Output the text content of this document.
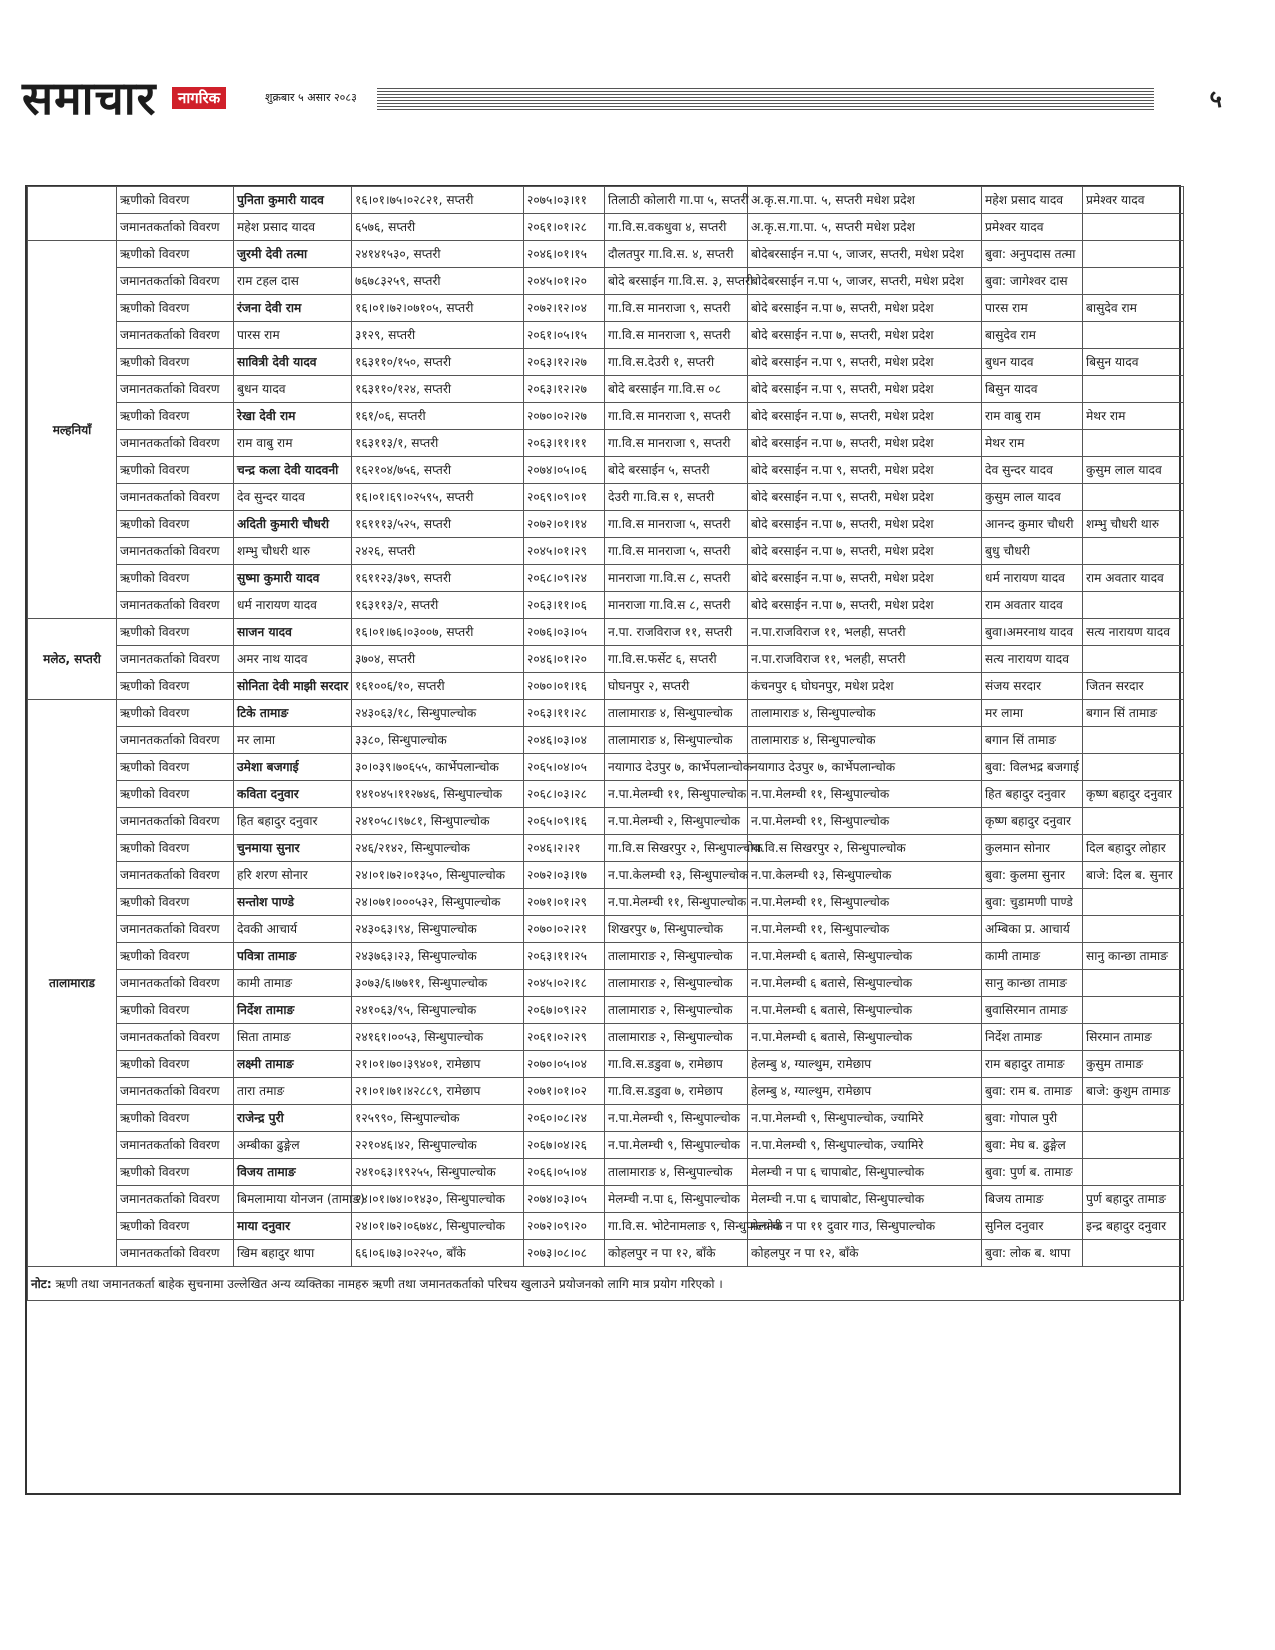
समाचार	नागरिक	शुक्रबार ५ असार २०८३	५
	ऋणीको विवरण	पुनिता कुमारी यादव	१६।०१।७५।०२८२१, सप्तरी	२०७५।०३।११	तिलाठी कोलारी गा.पा ५, सप्तरी	अ.कृ.स.गा.पा. ५, सप्तरी मधेश प्रदेश	महेश प्रसाद यादव	प्रमेश्वर यादव
	जमानतकर्ताको विवरण	महेश प्रसाद यादव	६५७६, सप्तरी	२०६१।०१।२८	गा.वि.स.वकधुवा ४, सप्तरी	अ.कृ.स.गा.पा. ५, सप्तरी मधेश प्रदेश	प्रमेश्वर यादव	
मल्हनियाँ	ऋणीको विवरण	जुरमी देवी तत्मा	२४१४१५३०, सप्तरी	२०४६।०१।१५	दौलतपुर गा.वि.स. ४, सप्तरी	बोदेबरसाईन न.पा ५, जाजर, सप्तरी, मधेश प्रदेश	बुवा: अनुपदास तत्मा	
	जमानतकर्ताको विवरण	राम टहल दास	७६७८३२५९, सप्तरी	२०४५।०१।२०	बोदे बरसाईन गा.वि.स. ३, सप्तरी	बोदेबरसाईन न.पा ५, जाजर, सप्तरी, मधेश प्रदेश	बुवा: जागेश्वर दास	
	ऋणीको विवरण	रंजना देवी राम	१६।०१।७२।०७१०५, सप्तरी	२०७२।१२।०४	गा.वि.स मानराजा ९, सप्तरी	बोदे बरसाईन न.पा ७, सप्तरी, मधेश प्रदेश	पारस राम	बासुदेव राम
	जमानतकर्ताको विवरण	पारस राम	३१२९, सप्तरी	२०६१।०५।१५	गा.वि.स मानराजा ९, सप्तरी	बोदे बरसाईन न.पा ७, सप्तरी, मधेश प्रदेश	बासुदेव राम	
	ऋणीको विवरण	सावित्री देवी यादव	१६३११०/१५०, सप्तरी	२०६३।१२।२७	गा.वि.स.देउरी १, सप्तरी	बोदे बरसाईन न.पा ९, सप्तरी, मधेश प्रदेश	बुधन यादव	बिसुन यादव
	जमानतकर्ताको विवरण	बुधन यादव	१६३११०/१२४, सप्तरी	२०६३।१२।२७	बोदे बरसाईन गा.वि.स ०८	बोदे बरसाईन न.पा ९, सप्तरी, मधेश प्रदेश	बिसुन यादव	
	ऋणीको विवरण	रेखा देवी राम	१६१/०६, सप्तरी	२०७०।०२।२७	गा.वि.स मानराजा ९, सप्तरी	बोदे बरसाईन न.पा ७, सप्तरी, मधेश प्रदेश	राम वाबु राम	मेथर राम
	जमानतकर्ताको विवरण	राम वाबु राम	१६३११३/१, सप्तरी	२०६३।११।११	गा.वि.स मानराजा ९, सप्तरी	बोदे बरसाईन न.पा ७, सप्तरी, मधेश प्रदेश	मेथर राम	
	ऋणीको विवरण	चन्द्र कला देवी यादवनी	१६२१०४/७५६, सप्तरी	२०७४।०५।०६	बोदे बरसाईन ५, सप्तरी	बोदे बरसाईन न.पा ९, सप्तरी, मधेश प्रदेश	देव सुन्दर यादव	कुसुम लाल यादव
	जमानतकर्ताको विवरण	देव सुन्दर यादव	१६।०१।६९।०२५९५, सप्तरी	२०६९।०९।०१	देउरी गा.वि.स १, सप्तरी	बोदे बरसाईन न.पा ९, सप्तरी, मधेश प्रदेश	कुसुम लाल यादव	
	ऋणीको विवरण	अदिती कुमारी चौधरी	१६१११३/५२५, सप्तरी	२०७२।०१।१४	गा.वि.स मानराजा ५, सप्तरी	बोदे बरसाईन न.पा ७, सप्तरी, मधेश प्रदेश	आनन्द कुमार चौधरी	शम्भु चौधरी थारु
	जमानतकर्ताको विवरण	शम्भु चौधरी थारु	२४२६, सप्तरी	२०४५।०१।२९	गा.वि.स मानराजा ५, सप्तरी	बोदे बरसाईन न.पा ७, सप्तरी, मधेश प्रदेश	बुधु चौधरी	
	ऋणीको विवरण	सुष्मा कुमारी यादव	१६११२३/३७९, सप्तरी	२०६८।०९।२४	मानराजा गा.वि.स ८, सप्तरी	बोदे बरसाईन न.पा ७, सप्तरी, मधेश प्रदेश	धर्म नारायण यादव	राम अवतार यादव
	जमानतकर्ताको विवरण	धर्म नारायण यादव	१६३११३/२, सप्तरी	२०६३।११।०६	मानराजा गा.वि.स ८, सप्तरी	बोदे बरसाईन न.पा ७, सप्तरी, मधेश प्रदेश	राम अवतार यादव	
मलेठ, सप्तरी	ऋणीको विवरण	साजन यादव	१६।०१।७६।०३००७, सप्तरी	२०७६।०३।०५	न.पा. राजविराज ११, सप्तरी	न.पा.राजविराज ११, भलही, सप्तरी	बुवा।अमरनाथ यादव	सत्य नारायण यादव
	जमानतकर्ताको विवरण	अमर नाथ यादव	३७०४, सप्तरी	२०४६।०१।२०	गा.वि.स.फर्सेट ६, सप्तरी	न.पा.राजविराज ११, भलही, सप्तरी	सत्य नारायण यादव	
	ऋणीको विवरण	सोनिता देवी माझी सरदार	१६१००६/१०, सप्तरी	२०७०।०१।१६	घोघनपुर २, सप्तरी	कंचनपुर ६ घोघनपुर, मधेश प्रदेश	संजय सरदार	जितन सरदार
तालामाराड	ऋणीको विवरण	टिके तामाङ	२४३०६३/१८, सिन्धुपाल्चोक	२०६३।११।२८	तालामाराङ ४, सिन्धुपाल्चोक	तालामाराङ ४, सिन्धुपाल्चोक	मर लामा	बगान सिं तामाङ
	जमानतकर्ताको विवरण	मर लामा	३३८०, सिन्धुपाल्चोक	२०४६।०३।०४	तालामाराङ ४, सिन्धुपाल्चोक	तालामाराङ ४, सिन्धुपाल्चोक	बगान सिं तामाङ	
	ऋणीको विवरण	उमेशा बजगाई	३०।०३९।७०६५५, कार्भेपलान्चोक	२०६५।०४।०५	नयागाउ देउपुर ७, कार्भेपलान्चोक	नयागाउ देउपुर ७, कार्भेपलान्चोक	बुवा: विलभद्र बजगाई	
	ऋणीको विवरण	कविता दनुवार	१४१०४५।११२७४६, सिन्धुपाल्चोक	२०६८।०३।२८	न.पा.मेलम्ची ११, सिन्धुपाल्चोक	न.पा.मेलम्ची ११, सिन्धुपाल्चोक	हित बहादुर दनुवार	कृष्ण बहादुर दनुवार
	जमानतकर्ताको विवरण	हित बहादुर दनुवार	२४१०५८।९७८१, सिन्धुपाल्चोक	२०६५।०९।१६	न.पा.मेलम्ची २, सिन्धुपाल्चोक	न.पा.मेलम्ची ११, सिन्धुपाल्चोक	कृष्ण बहादुर दनुवार	
	ऋणीको विवरण	चुनमाया सुनार	२४६/२१४२, सिन्धुपाल्चोक	२०४६।२।२१	गा.वि.स सिखरपुर २, सिन्धुपाल्चोक	गा.वि.स सिखरपुर २, सिन्धुपाल्चोक	कुलमान सोनार	दिल बहादुर लोहार
	जमानतकर्ताको विवरण	हरि शरण सोनार	२४।०१।७२।०१३५०, सिन्धुपाल्चोक	२०७२।०३।१७	न.पा.केलम्ची १३, सिन्धुपाल्चोक	न.पा.केलम्ची १३, सिन्धुपाल्चोक	बुवा: कुलमा सुनार	बाजे: दिल ब. सुनार
	ऋणीको विवरण	सन्तोश पाण्डे	२४।०७१।०००५३२, सिन्धुपाल्चोक	२०७१।०१।२९	न.पा.मेलम्ची ११, सिन्धुपाल्चोक	न.पा.मेलम्ची ११, सिन्धुपाल्चोक	बुवा: चुडामणी पाण्डे	
	जमानतकर्ताको विवरण	देवकी आचार्य	२४३०६३।९४, सिन्धुपाल्चोक	२०७०।०२।२१	शिखरपुर ७, सिन्धुपाल्चोक	न.पा.मेलम्ची ११, सिन्धुपाल्चोक	अम्बिका प्र. आचार्य	
	ऋणीको विवरण	पवित्रा तामाङ	२४३७६३।२३, सिन्धुपाल्चोक	२०६३।११।२५	तालामाराङ २, सिन्धुपाल्चोक	न.पा.मेलम्ची ६ बतासे, सिन्धुपाल्चोक	कामी तामाङ	सानु कान्छा तामाङ
	जमानतकर्ताको विवरण	कामी तामाङ	३०७३/६।७७११, सिन्धुपाल्चोक	२०४५।०२।१८	तालामाराङ २, सिन्धुपाल्चोक	न.पा.मेलम्ची ६ बतासे, सिन्धुपाल्चोक	सानु कान्छा तामाङ	
	ऋणीको विवरण	निर्देश तामाङ	२४१०६३/९५, सिन्धुपाल्चोक	२०६७।०९।२२	तालामाराङ २, सिन्धुपाल्चोक	न.पा.मेलम्ची ६ बतासे, सिन्धुपाल्चोक	बुवासिरमान तामाङ	
	जमानतकर्ताको विवरण	सिता तामाङ	२४१६१।००५३, सिन्धुपाल्चोक	२०६१।०२।२९	तालामाराङ २, सिन्धुपाल्चोक	न.पा.मेलम्ची ६ बतासे, सिन्धुपाल्चोक	निर्देश तामाङ	सिरमान तामाङ
	ऋणीको विवरण	लक्ष्मी तामाङ	२१।०१।७०।३९४०१, रामेछाप	२०७०।०५।०४	गा.वि.स.डडुवा ७, रामेछाप	हेलम्बु ४, ग्याल्थुम, रामेछाप	राम बहादुर तामाङ	कुसुम तामाङ
	जमानतकर्ताको विवरण	तारा तमाङ	२१।०१।७१।४२८८९, रामेछाप	२०७१।०१।०२	गा.वि.स.डडुवा ७, रामेछाप	हेलम्बु ४, ग्याल्थुम, रामेछाप	बुवा: राम ब. तामाङ	बाजे: कुशुम तामाङ
	ऋणीको विवरण	राजेन्द्र पुरी	१२५९९०, सिन्धुपाल्चोक	२०६०।०८।२४	न.पा.मेलम्ची ९, सिन्धुपाल्चोक	न.पा.मेलम्ची ९, सिन्धुपाल्चोक, ज्यामिरे	बुवा: गोपाल पुरी	
	जमानतकर्ताको विवरण	अम्बीका ढुङ्गेल	२२१०४६।४२, सिन्धुपाल्चोक	२०६७।०४।२६	न.पा.मेलम्ची ९, सिन्धुपाल्चोक	न.पा.मेलम्ची ९, सिन्धुपाल्चोक, ज्यामिरे	बुवा: मेघ ब. ढुङ्गेल	
	ऋणीको विवरण	विजय तामाङ	२४१०६३।१९२५५, सिन्धुपाल्चोक	२०६६।०५।०४	तालामाराङ ४, सिन्धुपाल्चोक	मेलम्ची न पा ६ चापाबोट, सिन्धुपाल्चोक	बुवा: पुर्ण ब. तामाङ	
	जमानतकर्ताको विवरण	बिमलामाया योनजन (तामाङ)	२४।०१।७४।०१४३०, सिन्धुपाल्चोक	२०७४।०३।०५	मेलम्ची न.पा ६, सिन्धुपाल्चोक	मेलम्ची न.पा ६ चापाबोट, सिन्धुपाल्चोक	बिजय तामाङ	पुर्ण बहादुर तामाङ
	ऋणीको विवरण	माया दनुवार	२४।०१।७२।०६७४८, सिन्धुपाल्चोक	२०७२।०९।२०	गा.वि.स. भोटेनामलाङ ९, सिन्धुपाल्चोक	मेलम्ची न पा ११ दुवार गाउ, सिन्धुपाल्चोक	सुनिल दनुवार	इन्द्र बहादुर दनुवार
	जमानतकर्ताको विवरण	खिम बहादुर थापा	६६।०६।७३।०२२५०, बाँके	२०७३।०८।०८	कोहलपुर न पा १२, बाँके	कोहलपुर न पा १२, बाँके	बुवा: लोक ब. थापा	
नोट: ऋणी तथा जमानतकर्ता बाहेक सुचनामा उल्लेखित अन्य व्यक्तिका नामहरु ऋणी तथा जमानतकर्ताको परिचय खुलाउने प्रयोजनको लागि मात्र प्रयोग गरिएको ।								
